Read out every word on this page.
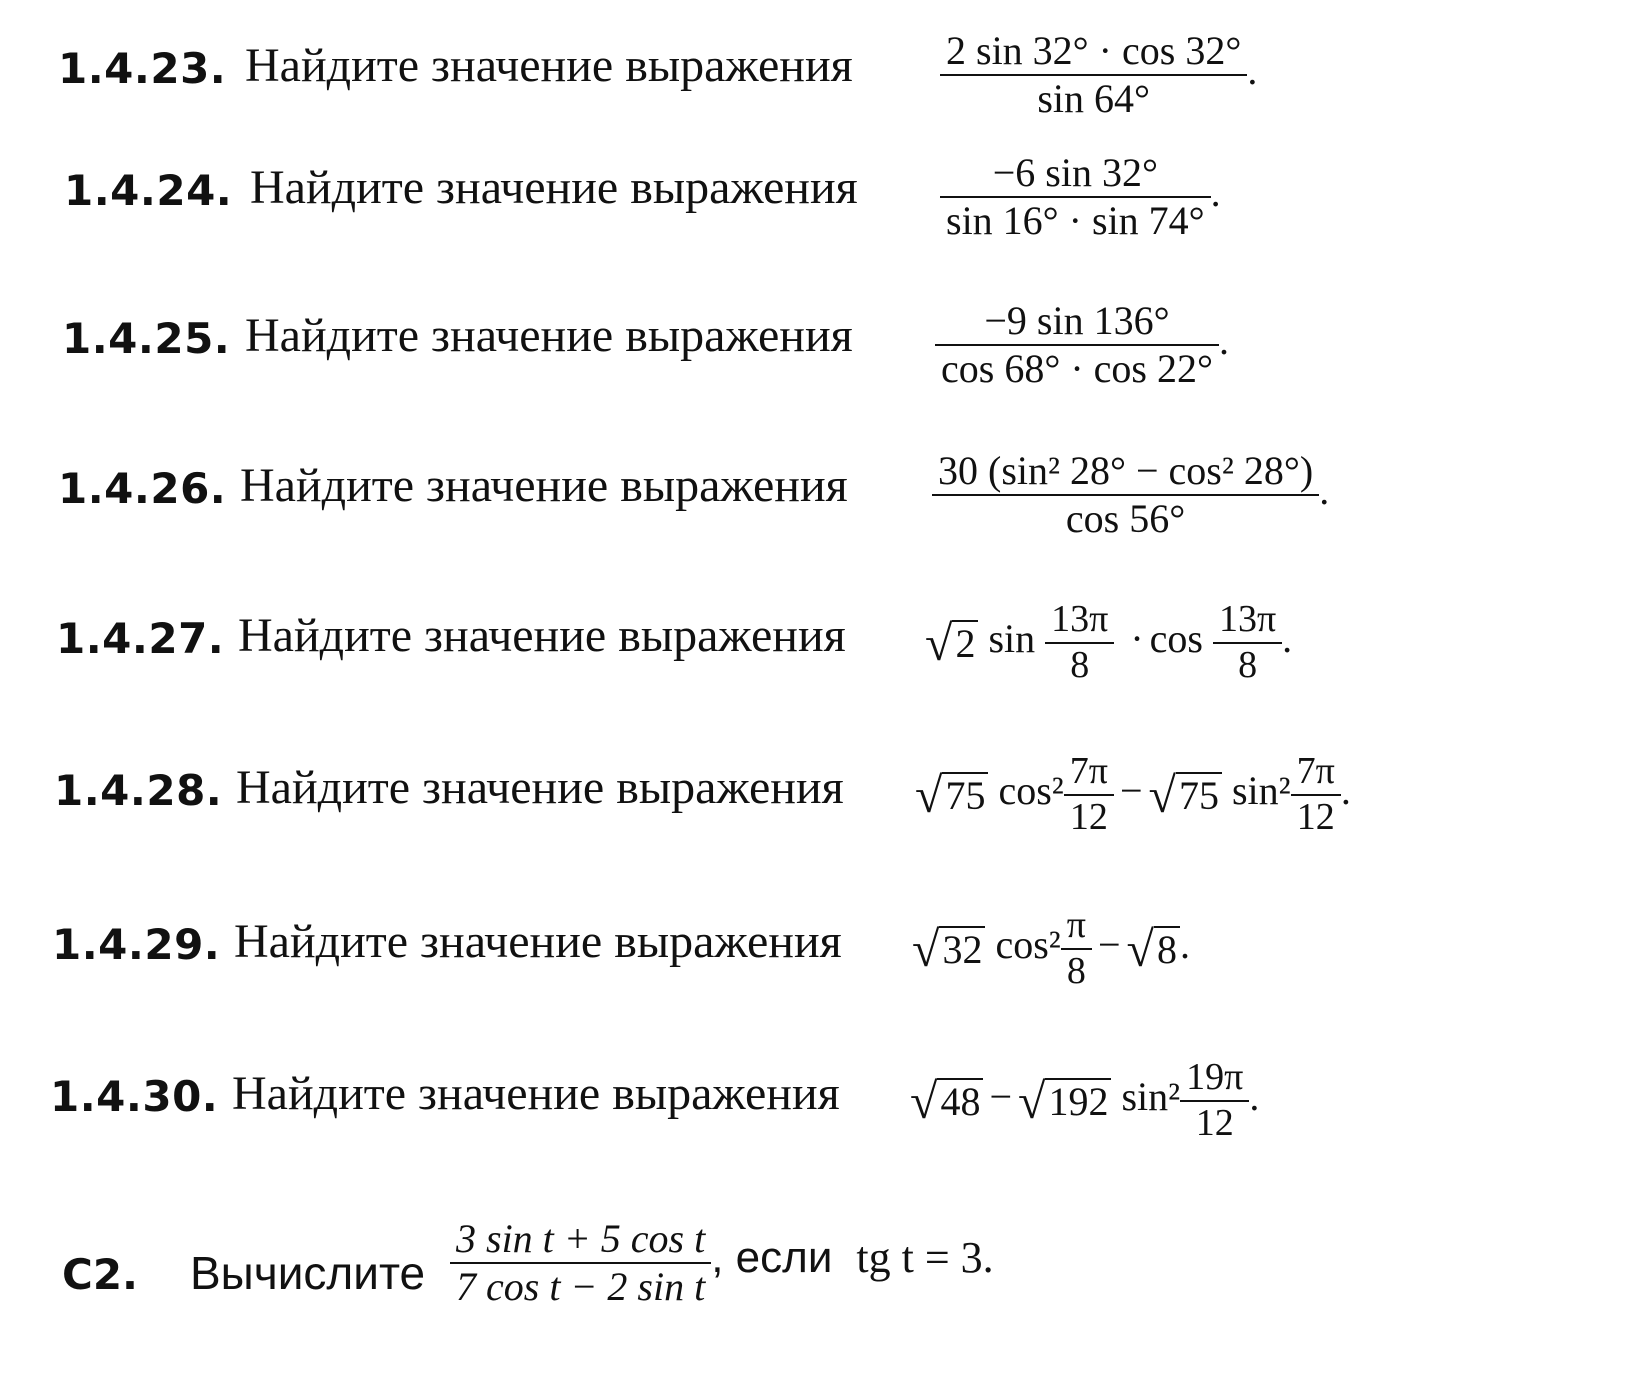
1.4.23. Найдите значение выражения $\frac{2 \sin 32^\circ \cdot \cos 32^\circ}{\sin 64^\circ}$ .
1.4.24. Найдите значение выражения $\frac{-6 \sin 32^\circ}{\sin 16^\circ \cdot \sin 74^\circ}$ .
1.4.25. Найдите значение выражения $\frac{-9 \sin 136^\circ}{\cos 68^\circ \cdot \cos 22^\circ}$ .
1.4.26. Найдите значение выражения $\frac{\text{30 (sin² 28° − cos² 28°)}}{\cos 56^\circ}$ .
1.4.27. Найдите значение выражения √2 $\sin \frac{13\pi}{8} \cdot \cos \frac{13\pi}{8}$ .
1.4.28. Найдите значение выражения √75 $\cos^2 \frac{7\pi}{12} - √75$ $\sin^2 \frac{7\pi}{12}$ .
1.4.29. Найдите значение выражения √32 $\cos^2 \frac{\pi}{8} - √8$.
1.4.30. Найдите значение выражения √48 − √192 $\sin^2 \frac{19\pi}{12}$ .
С2. Вычислите $\frac{\text{3 sin t + 5 cos t}}{\text{7 cos t − 2 sin t}}$ , если tg t = 3.
